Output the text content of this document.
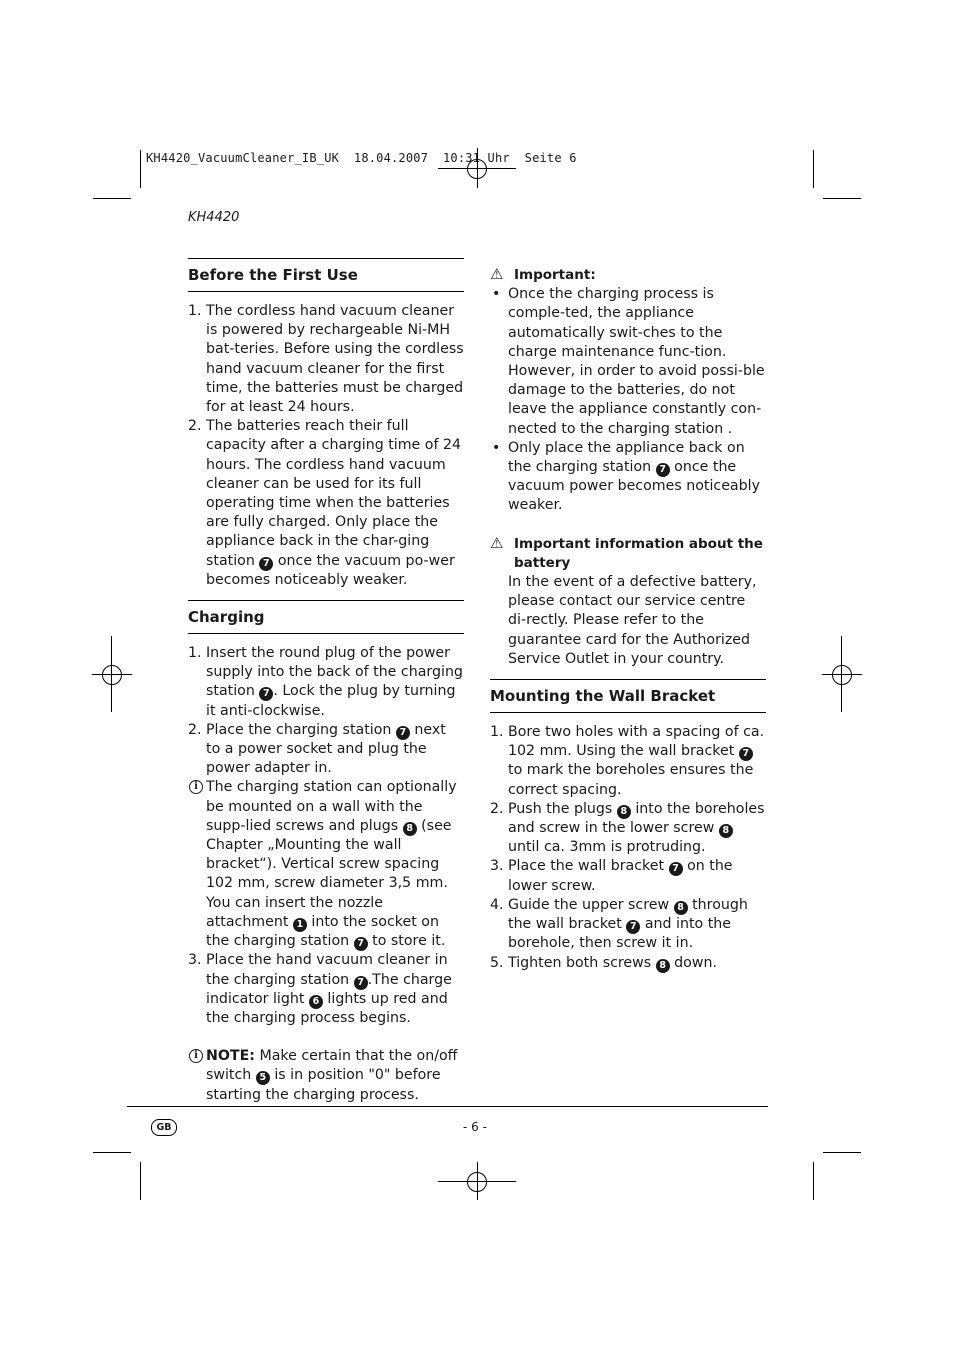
KH4420_VacuumCleaner_IB_UK  18.04.2007  10:31 Uhr  Seite 6
KH4420
Before the First Use
1. The cordless hand vacuum cleaner is powered by rechargeable Ni-MH bat-teries. Before using the cordless hand vacuum cleaner for the first time, the batteries must be charged for at least 24 hours.
2. The batteries reach their full capacity after a charging time of 24 hours. The cordless hand vacuum cleaner can be used for its full operating time when the batteries are fully charged. Only place the appliance back in the char-ging station 7 once the vacuum po-wer becomes noticeably weaker.
Charging
1. Insert the round plug of the power supply into the back of the charging station 7 . Lock the plug by turning it anti-clockwise.
2. Place the charging station 7 next to a power socket and plug the power adapter in.
i The charging station can optionally be mounted on a wall with the supp-lied screws and plugs 8 (see Chapter „Mounting the wall bracket“). Vertical screw spacing 102 mm, screw diameter 3,5 mm.
You can insert the nozzle attachment 1 into the socket on the charging station 7 to store it.
3. Place the hand vacuum cleaner in the charging station 7 .The charge indicator light 6 lights up red and the charging process begins.
i NOTE: Make certain that the on/off switch 5 is in position "0" before starting the charging process.
⚠ Important:
• Once the charging process is comple-ted, the appliance automatically swit-ches to the charge maintenance func-tion. However, in order to avoid possi-ble damage to the batteries, do not leave the appliance constantly con-nected to the charging station .
• Only place the appliance back on the charging station 7 once the vacuum power becomes noticeably weaker.
⚠ Important information about the battery
In the event of a defective battery, please contact our service centre di-rectly. Please refer to the guarantee card for the Authorized Service Outlet in your country.
Mounting the Wall Bracket
1. Bore two holes with a spacing of ca. 102 mm. Using the wall bracket 7 to mark the boreholes ensures the correct spacing.
2. Push the plugs 8 into the boreholes and screw in the lower screw 8 until ca. 3mm is protruding.
3. Place the wall bracket 7 on the lower screw.
4. Guide the upper screw 8 through the wall bracket 7 and into the borehole, then screw it in.
5. Tighten both screws 8 down.
GB	- 6 -
